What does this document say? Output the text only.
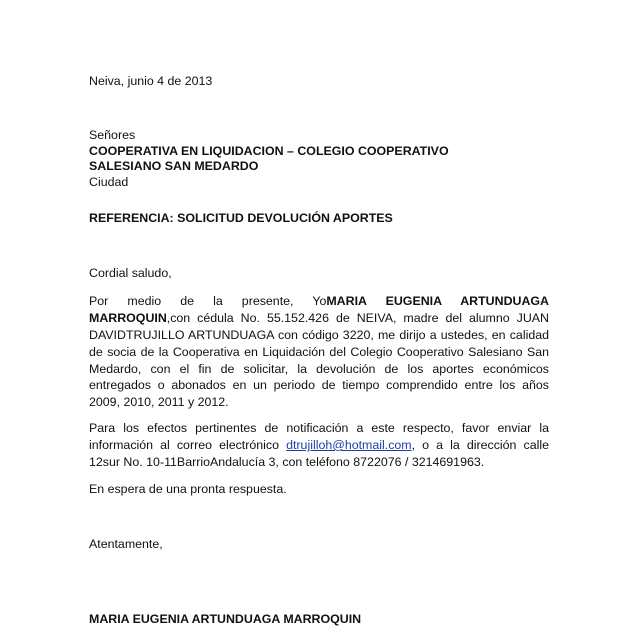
Neiva, junio 4 de 2013
Señores
COOPERATIVA EN LIQUIDACION – COLEGIO COOPERATIVO
SALESIANO SAN MEDARDO
Ciudad
REFERENCIA: SOLICITUD DEVOLUCIÓN APORTES
Cordial saludo,
Por medio de la presente, YoMARIA EUGENIA ARTUNDUAGA
MARROQUIN,con cédula No. 55.152.426 de NEIVA, madre del alumno JUAN
DAVIDTRUJILLO ARTUNDUAGA con código 3220, me dirijo a ustedes, en calidad
de socia de la Cooperativa en Liquidación del Colegio Cooperativo Salesiano San
Medardo, con el fin de solicitar, la devolución de los aportes económicos
entregados o abonados en un periodo de tiempo comprendido entre los años
2009, 2010, 2011 y 2012.
Para los efectos pertinentes de notificación a este respecto, favor enviar la
información al correo electrónico dtrujilloh@hotmail.com, o a la dirección calle
12sur No. 10-11BarrioAndalucía 3, con teléfono 8722076 / 3214691963.
En espera de una pronta respuesta.
Atentamente,
MARIA EUGENIA ARTUNDUAGA MARROQUIN
